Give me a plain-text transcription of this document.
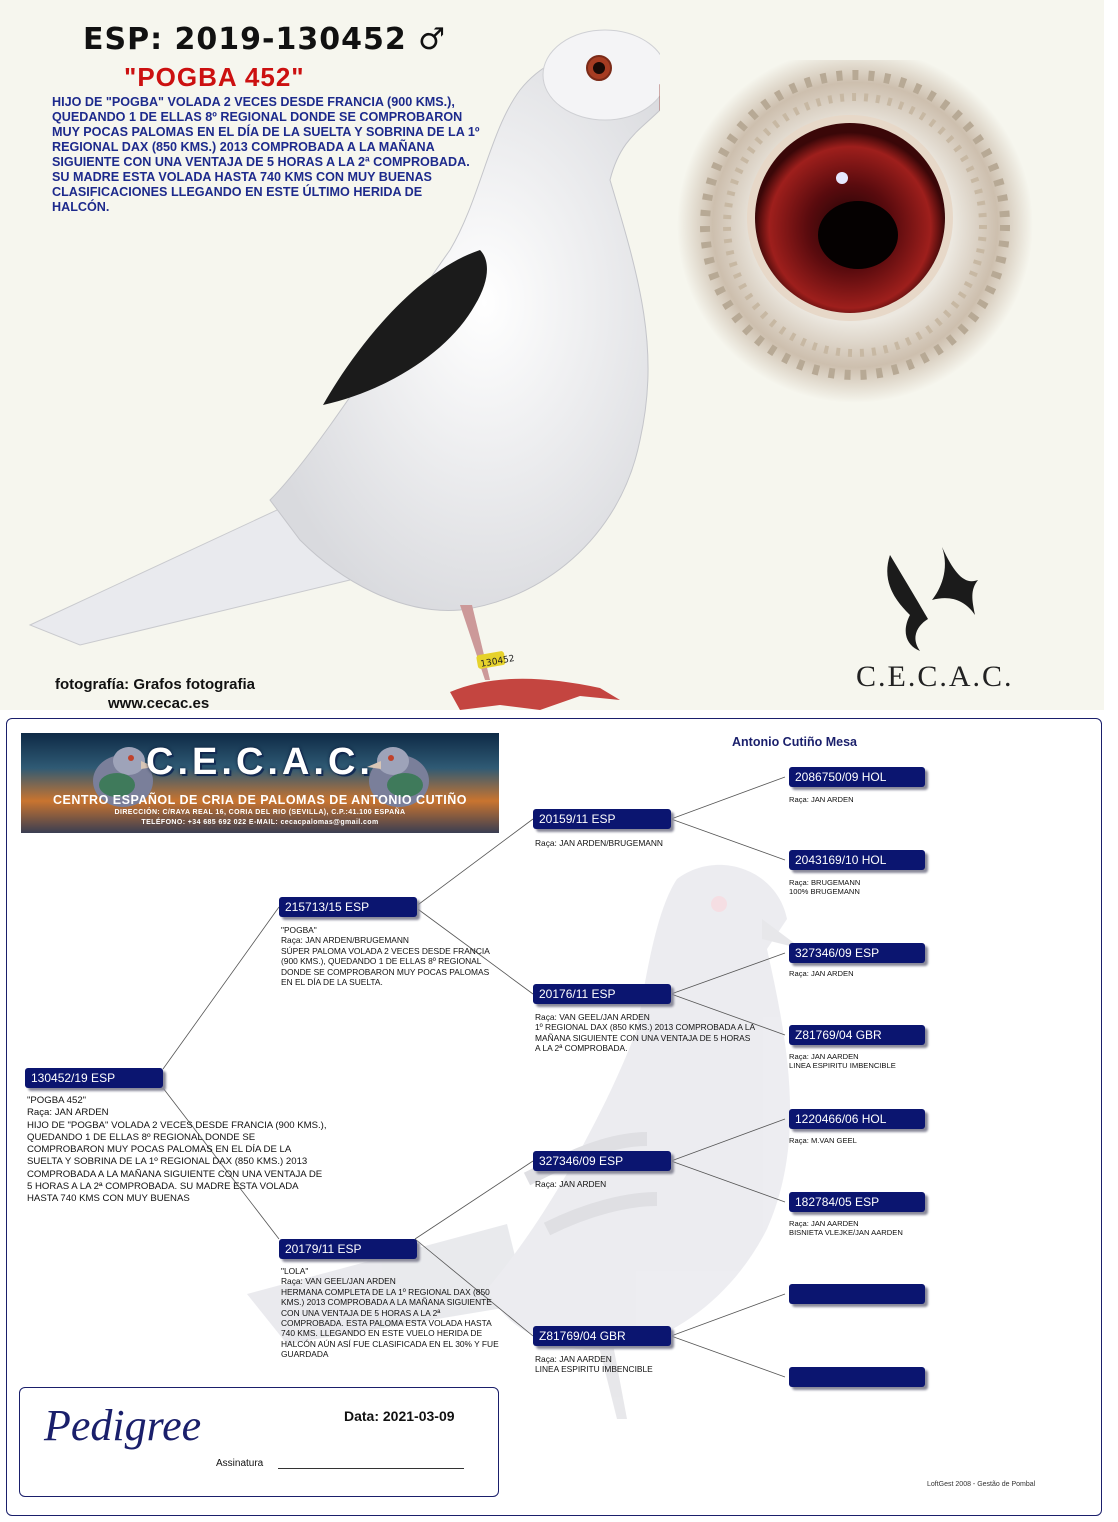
130452
ESP: 2019-130452 ♂
"POGBA 452"

HIJO DE "POGBA" VOLADA 2 VECES DESDE FRANCIA (900 KMS.), QUEDANDO 1 DE ELLAS 8º REGIONAL DONDE SE COMPROBARON MUY POCAS PALOMAS EN EL DÍA DE LA SUELTA Y SOBRINA DE LA 1º REGIONAL DAX (850 KMS.) 2013 COMPROBADA A LA MAÑANA SIGUIENTE CON UNA VENTAJA DE 5 HORAS A LA 2ª COMPROBADA.

SU MADRE ESTA VOLADA HASTA 740 KMS CON MUY BUENAS CLASIFICACIONES LLEGANDO EN ESTE ÚLTIMO HERIDA DE HALCÓN.

C.E.C.A.C.
fotografía: Grafos fotografia
www.cecac.es
C.E.C.A.C.
CENTRO ESPAÑOL DE CRIA DE PALOMAS DE ANTONIO CUTIÑO
DIRECCIÓN: C/RAYA REAL 16, CORIA DEL RIO (SEVILLA), C.P.:41.100 ESPAÑA
TELÉFONO: +34 685 692 022 E-MAIL: cecacpalomas@gmail.com
Antonio Cutiño Mesa
130452/19 ESP
"POGBA 452"
Raça: JAN ARDEN
HIJO DE "POGBA" VOLADA 2 VECES DESDE FRANCIA (900 KMS.), QUEDANDO 1 DE ELLAS 8º REGIONAL DONDE SE COMPROBARON MUY POCAS PALOMAS EN EL DÍA DE LA SUELTA Y SOBRINA DE LA 1º REGIONAL DAX (850 KMS.) 2013 COMPROBADA A LA MAÑANA SIGUIENTE CON UNA VENTAJA DE 5 HORAS A LA 2ª COMPROBADA. SU MADRE ESTA VOLADA HASTA 740 KMS CON MUY BUENAS
215713/15 ESP
"POGBA"
Raça: JAN ARDEN/BRUGEMANN
SÚPER PALOMA VOLADA 2 VECES DESDE FRANCIA (900 KMS.), QUEDANDO 1 DE ELLAS 8º REGIONAL DONDE SE COMPROBARON MUY POCAS PALOMAS EN EL DÍA DE LA SUELTA.
20179/11 ESP
"LOLA"
Raça: VAN GEEL/JAN ARDEN
HERMANA COMPLETA DE LA 1º REGIONAL DAX (850 KMS.) 2013 COMPROBADA A LA MAÑANA SIGUIENTE CON UNA VENTAJA DE 5 HORAS A LA 2ª COMPROBADA. ESTA PALOMA ESTA VOLADA HASTA 740 KMS. LLEGANDO EN ESTE VUELO HERIDA DE HALCÓN AÚN ASÍ FUE CLASIFICADA EN EL 30% Y FUE GUARDADA
20159/11 ESP
Raça: JAN ARDEN/BRUGEMANN
20176/11 ESP
Raça: VAN GEEL/JAN ARDEN
1º REGIONAL DAX (850 KMS.) 2013 COMPROBADA A LA MAÑANA SIGUIENTE CON UNA VENTAJA DE 5 HORAS A LA 2ª COMPROBADA.
327346/09 ESP
Raça: JAN ARDEN
Z81769/04 GBR
Raça: JAN AARDEN
LINEA ESPIRITU IMBENCIBLE
2086750/09 HOL
Raça: JAN ARDEN
2043169/10 HOL
Raça: BRUGEMANN
100% BRUGEMANN
327346/09 ESP
Raça: JAN ARDEN
Z81769/04 GBR
Raça: JAN AARDEN
LINEA ESPIRITU IMBENCIBLE
1220466/06 HOL
Raça: M.VAN GEEL
182784/05 ESP
Raça: JAN AARDEN
BISNIETA VLEJKE/JAN AARDEN
Pedigree	Data: 2021-03-09
Assinatura
LoftGest 2008 - Gestão de Pombal
